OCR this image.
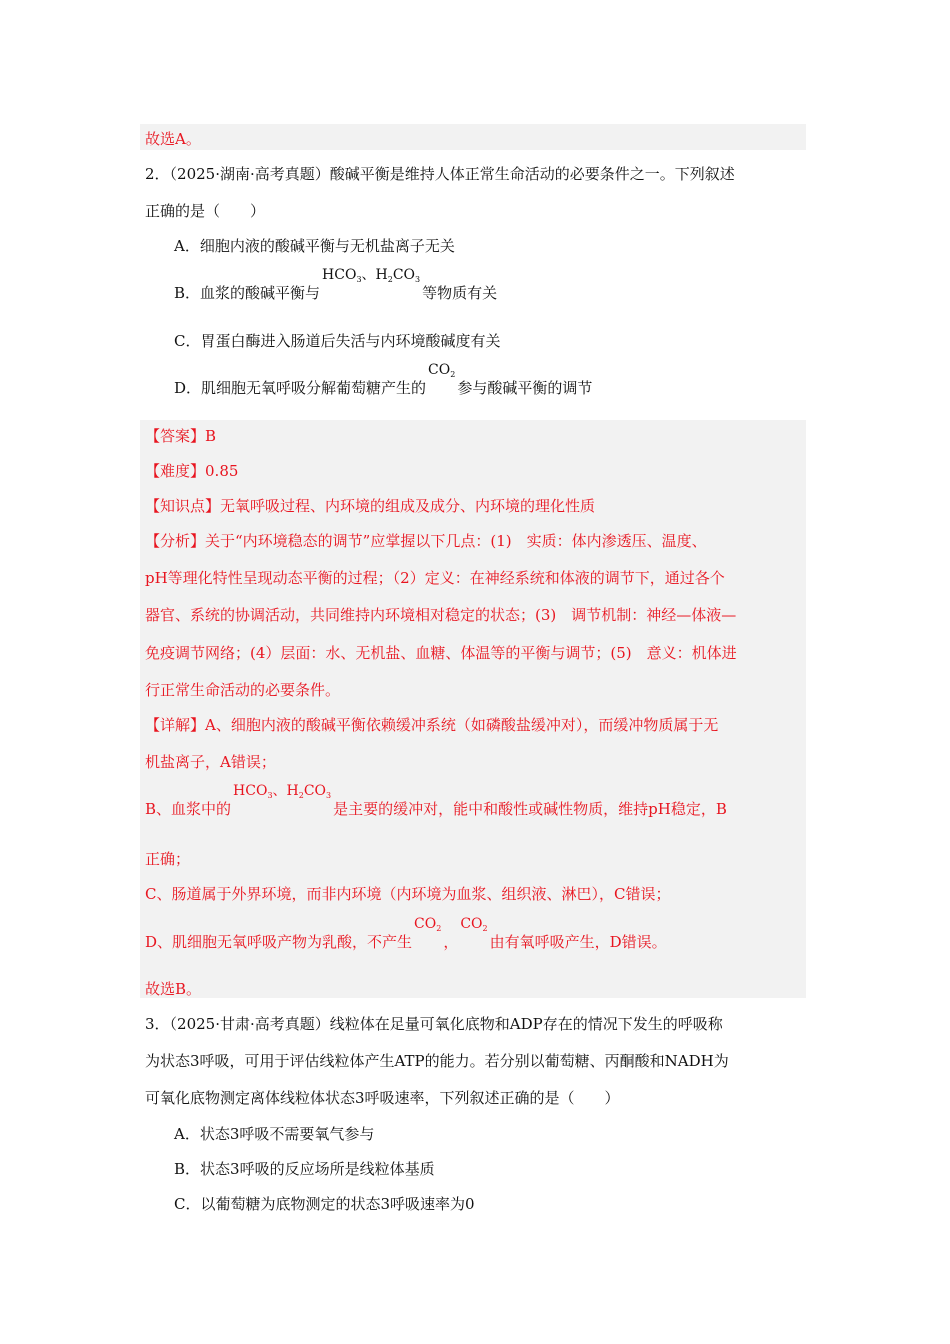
故选A。
2．（2025·湖南·高考真题）酸碱平衡是维持人体正常生命活动的必要条件之一。下列叙述
正确的是（　　）
A．细胞内液的酸碱平衡与无机盐离子无关
B．血浆的酸碱平衡与$HCO_3$、$H_2CO_3$等物质有关
C．胃蛋白酶进入肠道后失活与内环境酸碱度有关
D．肌细胞无氧呼吸分解葡萄糖产生的$CO_2$参与酸碱平衡的调节
【答案】B
【难度】0.85
【知识点】无氧呼吸过程、内环境的组成及成分、内环境的理化性质
【分析】关于“内环境稳态的调节”应掌握以下几点：(1)　实质：体内渗透压、温度、
pH等理化特性呈现动态平衡的过程；（2）定义：在神经系统和体液的调节下，通过各个
器官、系统的协调活动，共同维持内环境相对稳定的状态；(3)　调节机制：神经—体液—
免疫调节网络；(4）层面：水、无机盐、血糖、体温等的平衡与调节；(5)　意义：机体进
行正常生命活动的必要条件。
【详解】A、细胞内液的酸碱平衡依赖缓冲系统（如磷酸盐缓冲对），而缓冲物质属于无
机盐离子，A错误；
B、血浆中的$HCO_3$、$H_2CO_3$是主要的缓冲对，能中和酸性或碱性物质，维持pH稳定，B
正确；
C、肠道属于外界环境，而非内环境（内环境为血浆、组织液、淋巴），C错误；
D、肌细胞无氧呼吸产物为乳酸，不产生$CO_2$，$CO_2$由有氧呼吸产生，D错误。
故选B。
3．（2025·甘肃·高考真题）线粒体在足量可氧化底物和ADP存在的情况下发生的呼吸称
为状态3呼吸，可用于评估线粒体产生ATP的能力。若分别以葡萄糖、丙酮酸和NADH为
可氧化底物测定离体线粒体状态3呼吸速率，下列叙述正确的是（　　）
A．状态3呼吸不需要氧气参与
B．状态3呼吸的反应场所是线粒体基质
C．以葡萄糖为底物测定的状态3呼吸速率为0
